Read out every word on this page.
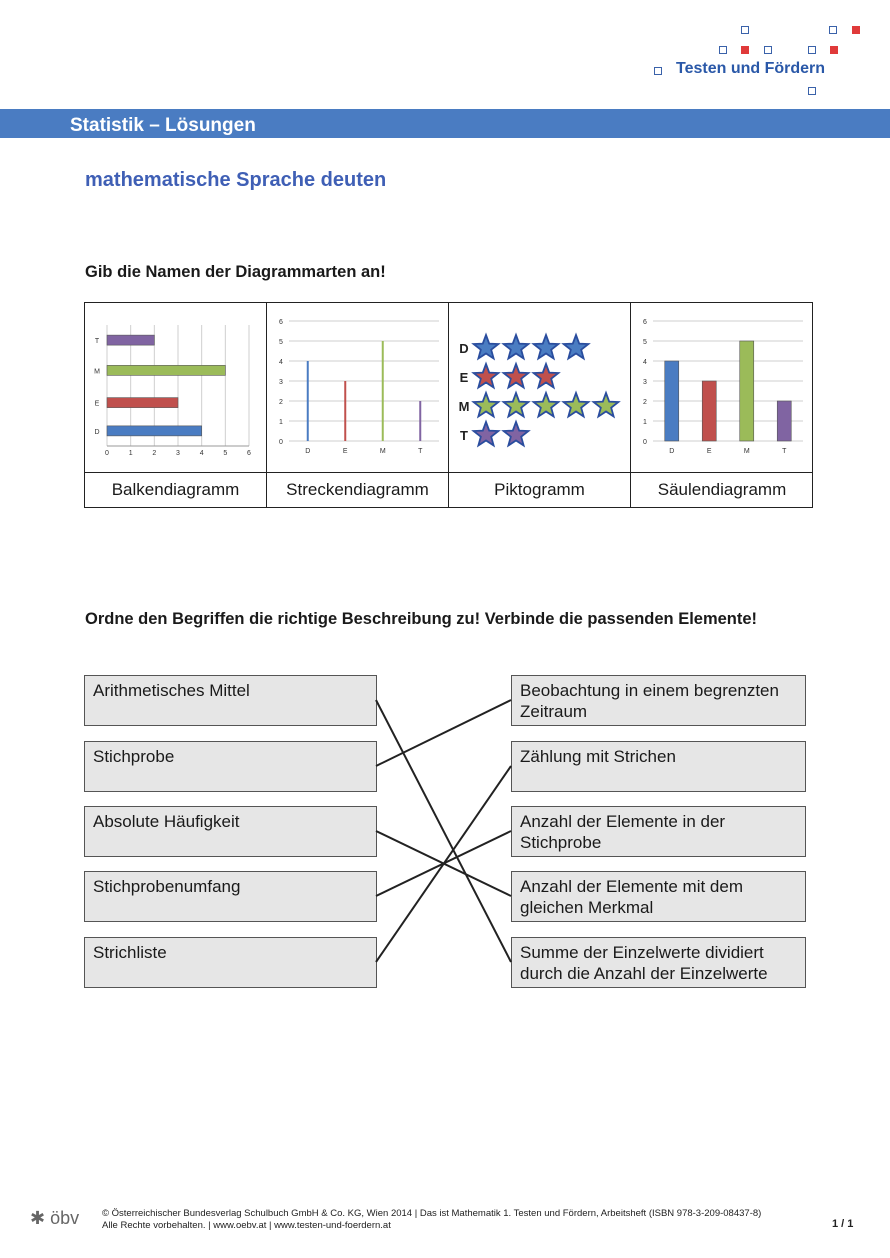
Testen und Fördern
Statistik – Lösungen
mathematische Sprache deuten
Gib die Namen der Diagrammarten an!
0	1	2	3	4	5	6
T
M
E
D
0
1
2
3
4
5
6
D	E	M	T
D
E
M
T	0
1
2
3
4
5
6
D	E	M	T
Balkendiagramm	Streckendiagramm	Piktogramm	Säulendiagramm
Ordne den Begriffen die richtige Beschreibung zu! Verbinde die passenden Elemente!
Arithmetisches Mittel
Stichprobe
Absolute Häufigkeit
Stichprobenumfang
Strichliste
Beobachtung in einem begrenzten Zeitraum
Zählung mit Strichen
Anzahl der Elemente in der Stichprobe
Anzahl der Elemente mit dem gleichen Merkmal
Summe der Einzelwerte dividiert durch die Anzahl der Einzelwerte
✱ öbv © Österreichischer Bundesverlag Schulbuch GmbH & Co. KG, Wien 2014 | Das ist Mathematik 1. Testen und Fördern, Arbeitsheft (ISBN 978-3-209-08437-8)
Alle Rechte vorbehalten. | www.oebv.at | www.testen-und-foerdern.at	1 / 1
